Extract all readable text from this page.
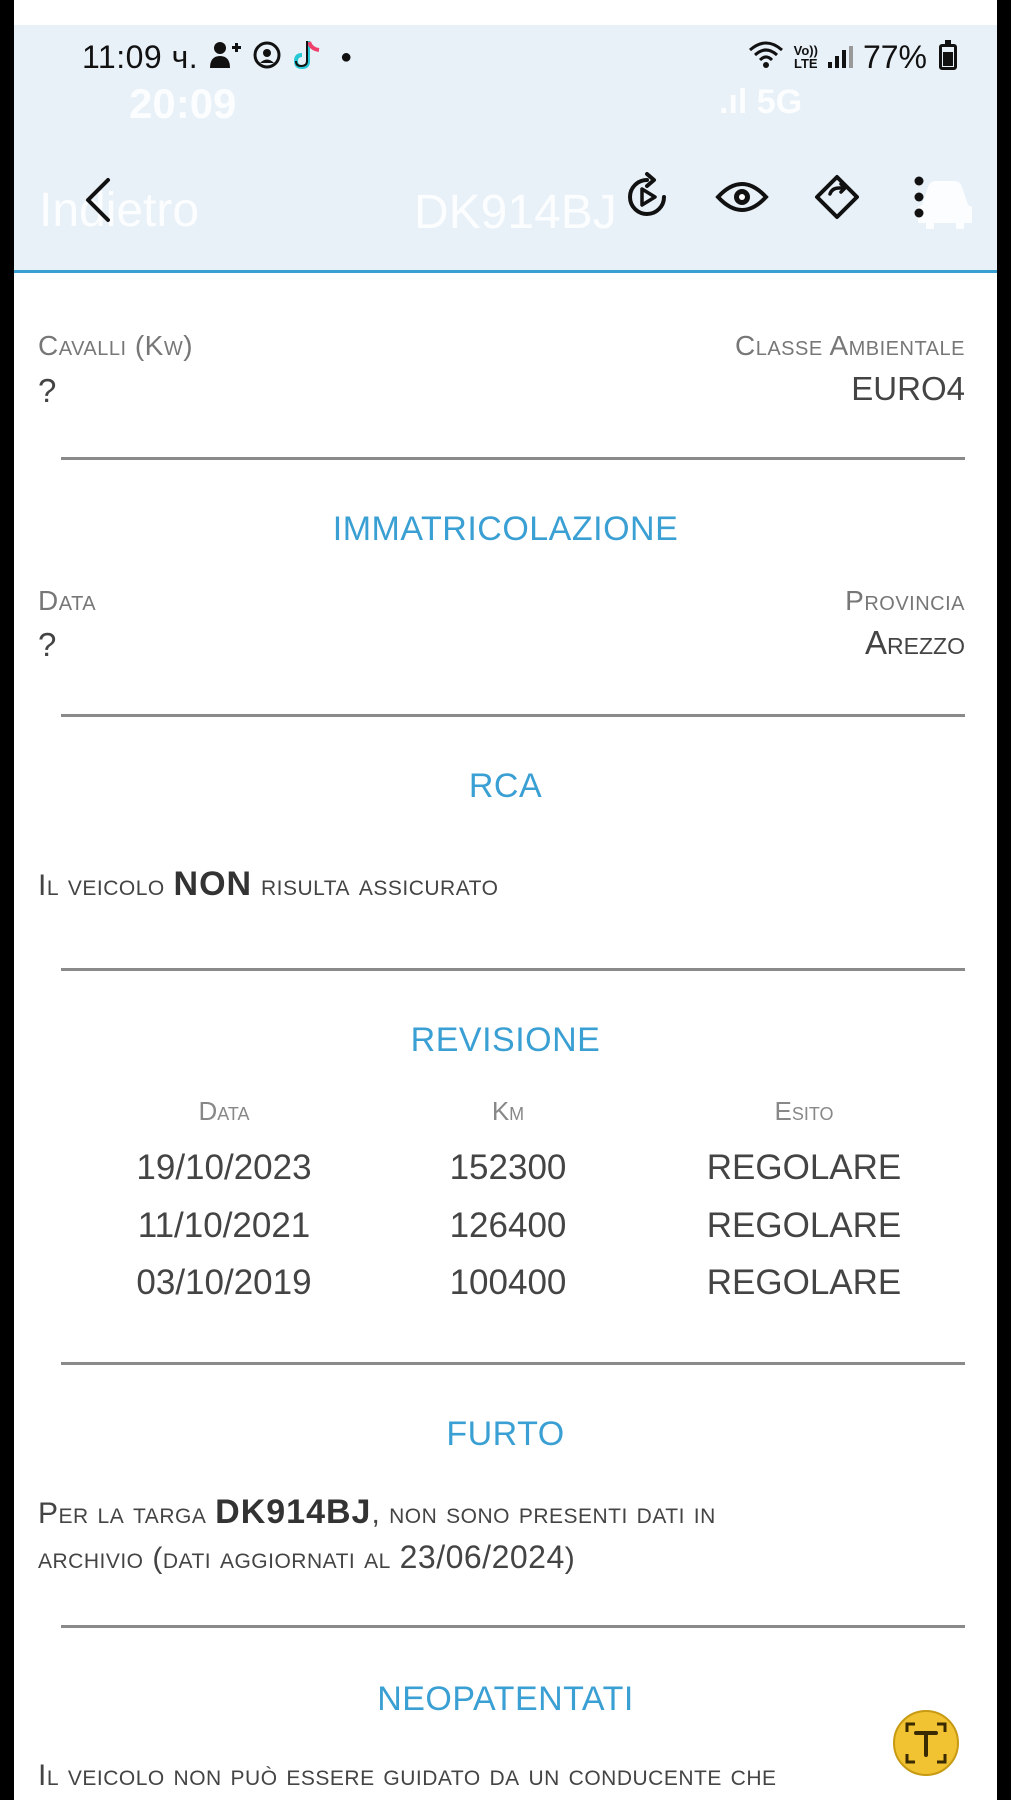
20:09	.ıl 5G
Indietro	DK914BJ
11:09 ч.	●	Vo))
LTE 77%
Cavalli (Kw)
?
Classe Ambientale
EURO4
IMMATRICOLAZIONE
Data
?
Provincia
Arezzo
RCA
Il veicolo NON risulta assicurato
REVISIONE
Data	Km	Esito
19/10/2023	152300	REGOLARE
11/10/2021	126400	REGOLARE
03/10/2019	100400	REGOLARE
FURTO
Per la targa DK914BJ, non sono presenti dati in
archivio (dati aggiornati al 23/06/2024)
NEOPATENTATI
Il veicolo non può essere guidato da un conducente che
